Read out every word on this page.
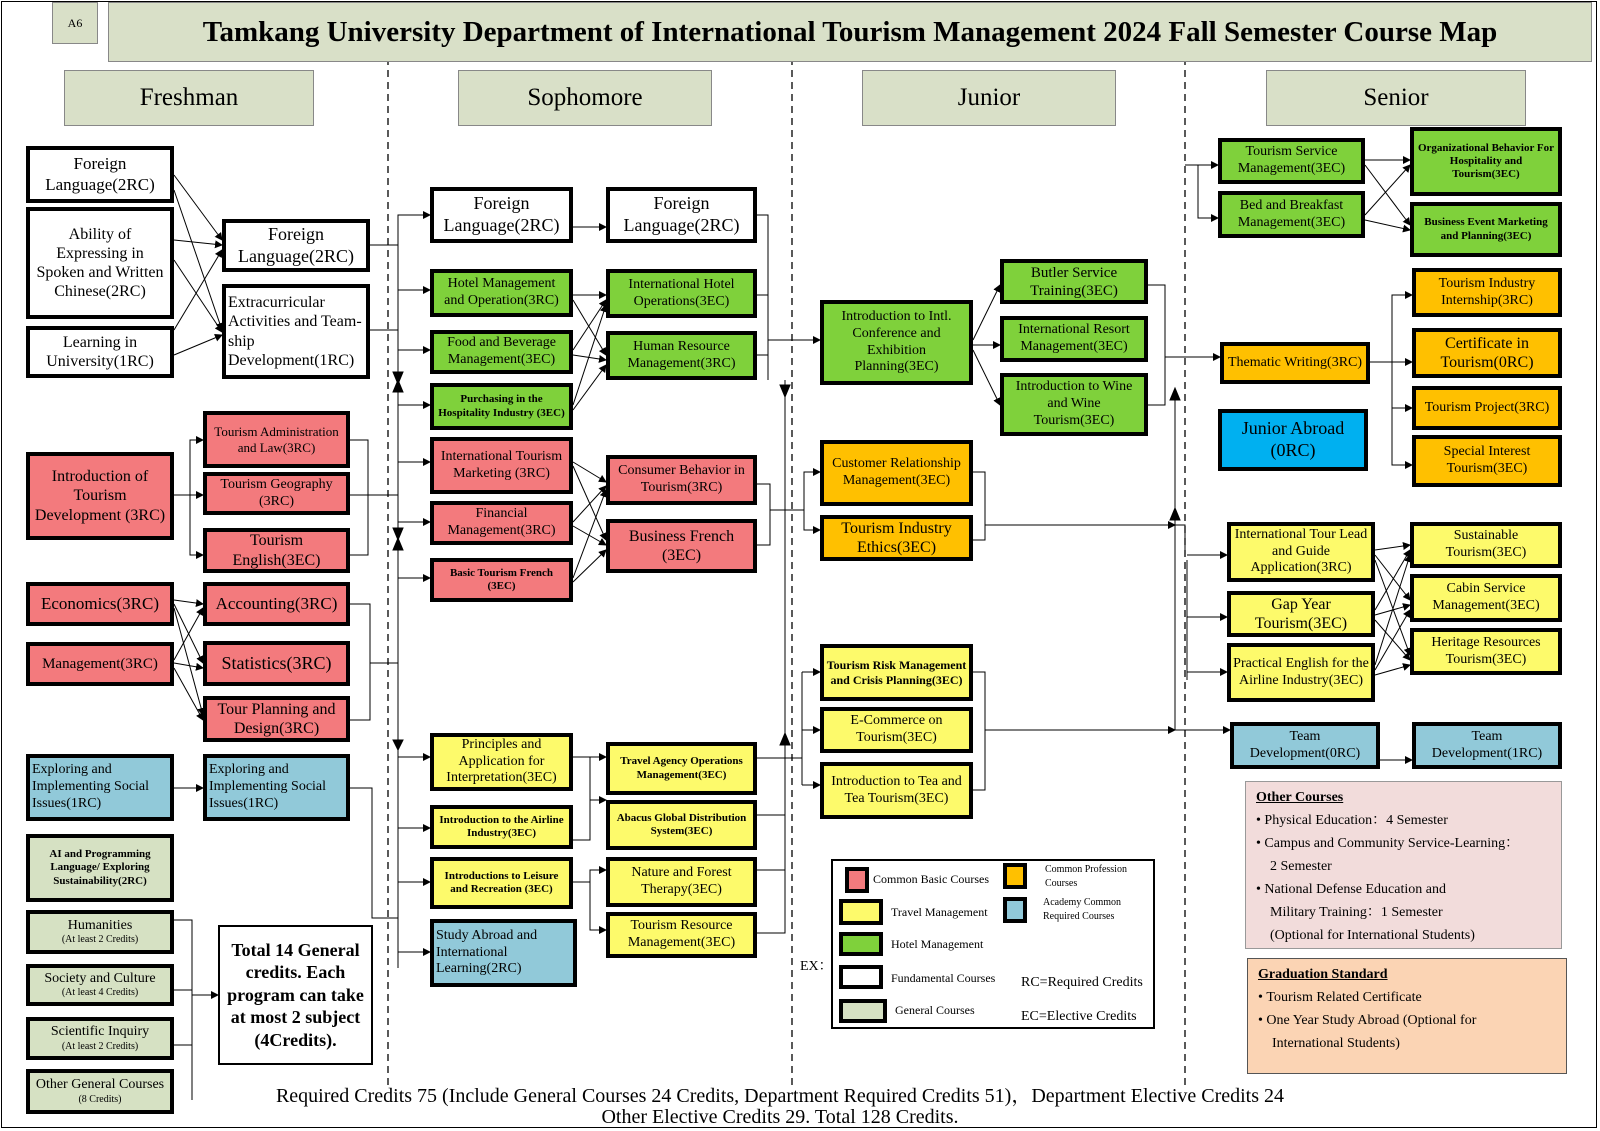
A6	Tamkang University Department of International Tourism Management 2024 Fall Semester Course Map
Freshman	Sophomore	Junior	Senior
Foreign Language(2RC)
Ability of Expressing in Spoken and Written Chinese(2RC)
Learning in University(1RC)
Foreign Language(2RC)
Extracurricular Activities and Team-ship Development(1RC)
Introduction of Tourism Development (3RC)
Tourism Administration and Law(3RC)
Tourism Geography (3RC)
Tourism English(3EC)
Economics(3RC)
Management(3RC)
Accounting(3RC)
Statistics(3RC)
Tour Planning and Design(3RC)
Exploring and Implementing Social Issues(1RC)
Exploring and Implementing Social Issues(1RC)
AI and Programming Language/ Exploring Sustainability(2RC)
Humanities
(At least 2 Credits)
Society and Culture
(At least 4 Credits)
Scientific Inquiry
(At least 2 Credits)
Other General Courses
(8 Credits)
Total 14 General credits. Each program can take at most 2 subject (4Credits).
Foreign Language(2RC)
Foreign Language(2RC)
Hotel Management and Operation(3RC)
Food and Beverage Management(3EC)
Purchasing in the Hospitality Industry (3EC)
International Hotel Operations(3EC)
Human Resource Management(3RC)
International Tourism Marketing (3RC)
Financial Management(3RC)
Basic Tourism French (3EC)
Consumer Behavior in Tourism(3RC)
Business French (3EC)
Principles and Application for Interpretation(3EC)
Introduction to the Airline Industry(3EC)
Introductions to Leisure and Recreation (3EC)
Study Abroad and International Learning(2RC)
Travel Agency Operations Management(3EC)
Abacus Global Distribution System(3EC)
Nature and Forest Therapy(3EC)
Tourism Resource Management(3EC)
Introduction to Intl. Conference and Exhibition Planning(3EC)
Butler Service Training(3EC)
International Resort Management(3EC)
Introduction to Wine and Wine Tourism(3EC)
Customer Relationship Management(3EC)
Tourism Industry Ethics(3EC)
Tourism Risk Management and Crisis Planning(3EC)
E-Commerce on Tourism(3EC)
Introduction to Tea and Tea Tourism(3EC)
Tourism Service Management(3EC)
Bed and Breakfast Management(3EC)
Organizational Behavior For Hospitality and Tourism(3EC)
Business Event Marketing and Planning(3EC)
Thematic Writing(3RC)
Tourism Industry Internship(3RC)
Certificate in Tourism(0RC)
Tourism Project(3RC)
Special Interest Tourism(3EC)
Junior Abroad (0RC)
International Tour Lead and Guide Application(3RC)
Gap Year Tourism(3EC)
Practical English for the Airline Industry(3EC)
Sustainable Tourism(3EC)
Cabin Service Management(3EC)
Heritage Resources Tourism(3EC)
Team Development(0RC)
Team Development(1RC)
Common Basic Courses
Common Profession Courses
Travel Management
Academy Common Required Courses
Hotel Management
Fundamental Courses RC=Required Credits
General Courses	EC=Elective Credits
EX：
Other Courses
• Physical Education：4 Semester
• Campus and Community Service-Learning：
2 Semester
• National Defense Education and
Military Training：1 Semester
(Optional for International Students)
Graduation Standard
• Tourism Related Certificate
• One Year Study Abroad (Optional for
International Students)
Required Credits 75 (Include General Courses 24 Credits, Department Required Credits 51)，Department Elective Credits 24
Other Elective Credits 29. Total 128 Credits.
